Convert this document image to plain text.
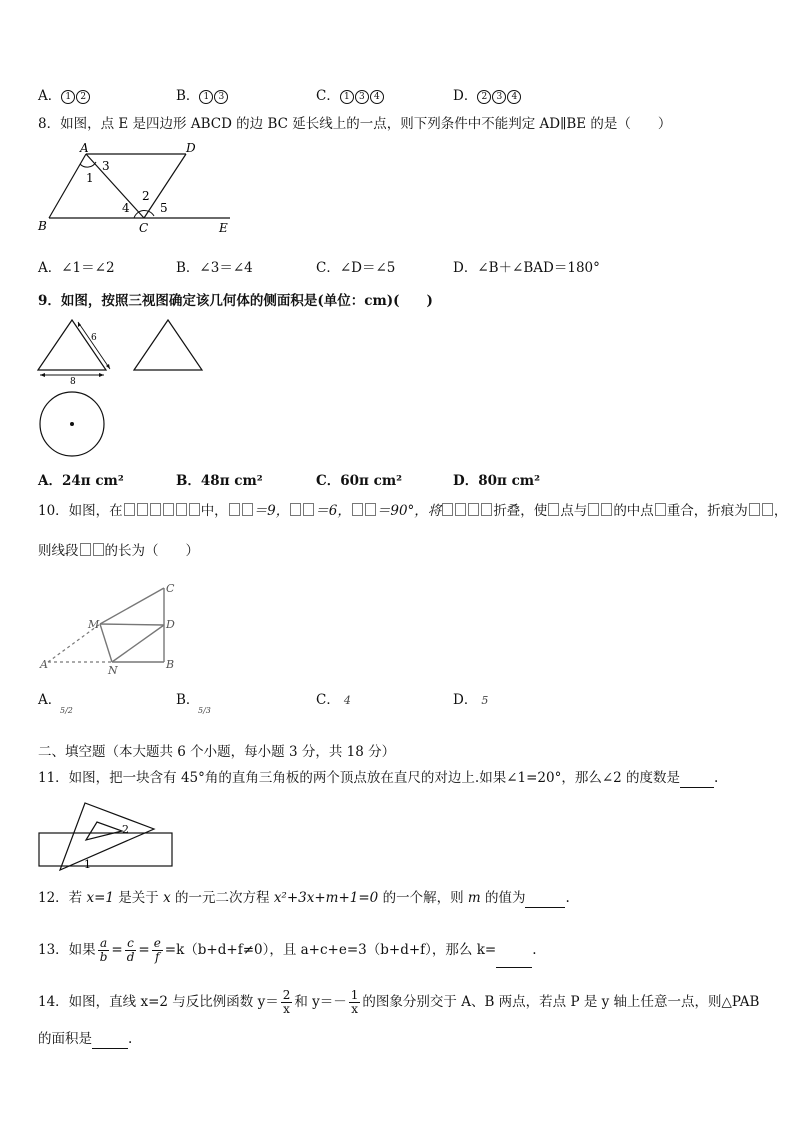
A． 1 2	B． 1 3	C． 1 3 4	D． 2 3 4
8．如图，点 E 是四边形 ABCD 的边 BC 延长线上的一点，则下列条件中不能判定 AD∥BE 的是（　　）
A	D
B	C	E
1
2
3
4	5
A．∠1＝∠2	B．∠3＝∠4	C．∠D＝∠5	D．∠B＋∠BAD＝180°
9．如图，按照三视图确定该几何体的侧面积是(单位：cm)(　　)
6
8
A．24π cm²	B．48π cm²	C．60π cm²	D．80π cm²
10．如图，在	中， ＝9， ＝6， ＝90°，将	折叠，使 点与 的中点 重合，折痕为 ，
则线段 的长为（　　）
C
M	D
A	N	B
A．
5/2
B．
5/3
C． 4	D． 5
二、填空题（本大题共 6 个小题，每小题 3 分，共 18 分）
11．如图，把一块含有 45°角的直角三角板的两个顶点放在直尺的对边上.如果∠1=20°，那么∠2 的度数是	.
2
1
12．若 x=1 是关于 x 的一元二次方程 x²+3x+m+1=0 的一个解，则 m 的值为	.
13．如果 $\frac{a}{b} = \frac{c}{d} = \frac{e}{f} =k(b+d+f\ne 0)$，且 a+c+e=3（b+d+f），那么 k=	.
14．如图，直线 x=2 与反比例函数 $y= \frac{2}{x}$ 和 $y=- \frac{1}{x}$ 的图象分别交于 A、B 两点，若点 P 是 y 轴上任意一点，则△PAB
的面积是	.
